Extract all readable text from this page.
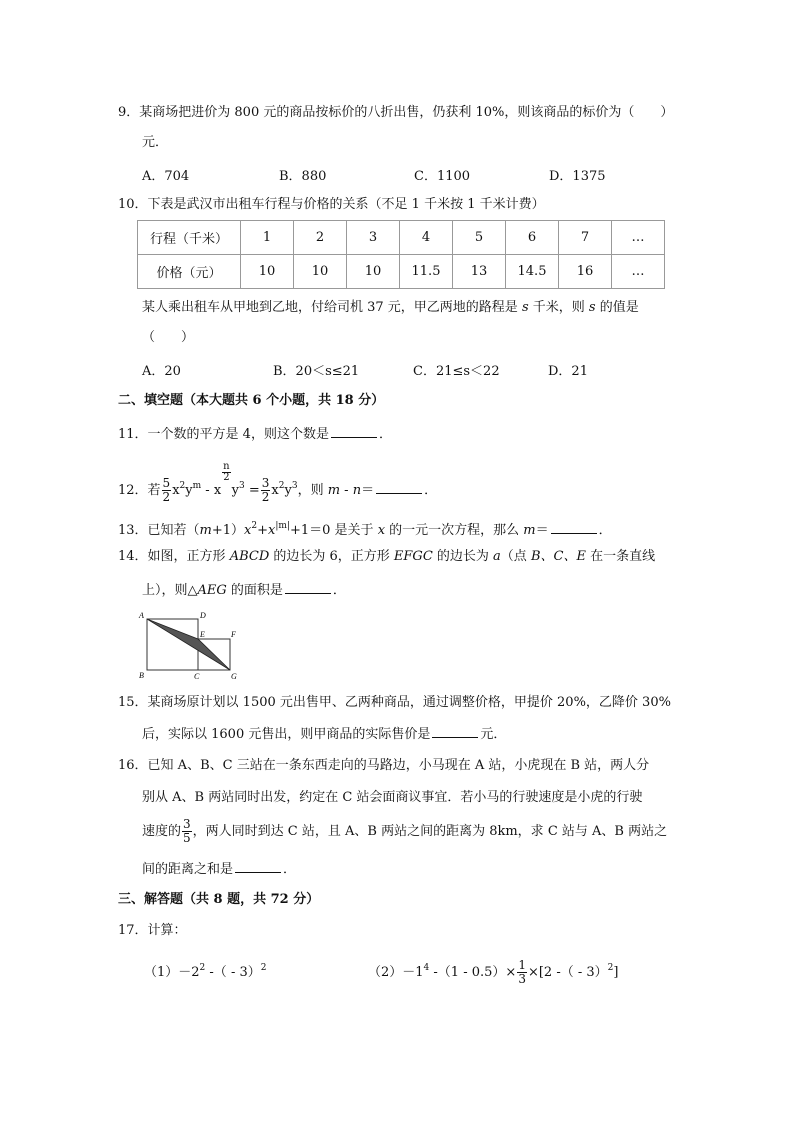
9．某商场把进价为 800 元的商品按标价的八折出售，仍获利 10%，则该商品的标价为（　　）
元．
A．704	B．880	C．1100	D．1375
10．下表是武汉市出租车行程与价格的关系（不足 1 千米按 1 千米计费）
行程（千米）	1	2	3	4	5	6	7	…
价格（元）	10	10	10	11.5	13	14.5	16	…
某人乘出租车从甲地到乙地，付给司机 37 元，甲乙两地的路程是 s 千米，则 s 的值是
（　　）
A．20	B．20＜s≤21	C．21≤s＜22	D．21
二、填空题（本大题共 6 个小题，共 18 分）
11．一个数的平方是 4，则这个数是	．
12．若 $\frac{5}{2} x^2y^m$ - x
$\frac{n}{2}$
$y^3 = \frac{3}{2} x^2y^3$，则 m - n＝	．
13．已知若$(m+1)x^2+x^{|m|}+1=0$ 是关于 x 的一元一次方程，那么 m＝	．
14．如图，正方形 ABCD 的边长为 6，正方形 EFGC 的边长为 a（点 B、C、E 在一条直线
上），则△AEG 的面积是	．
A	D
E	F
B	C	G
15．某商场原计划以 1500 元出售甲、乙两种商品，通过调整价格，甲提价 20%，乙降价 30%
后，实际以 1600 元售出，则甲商品的实际售价是	元．
16．已知 A、B、C 三站在一条东西走向的马路边，小马现在 A 站，小虎现在 B 站，两人分
别从 A、B 两站同时出发，约定在 C 站会面商议事宜．若小马的行驶速度是小虎的行驶
速度的 $\frac{3}{5}$ ，两人同时到达 C 站，且 A、B 两站之间的距离为 8km，求 C 站与 A、B 两站之
间的距离之和是	．
三、解答题（共 8 题，共 72 分）
17．计算：
$(1)-2^2$ -（ - 3）$^2$	$(2)-1^4$ $-(1 - 0.5)\times \frac{1}{3} \times[2$ -（ - 3）$^2$]
